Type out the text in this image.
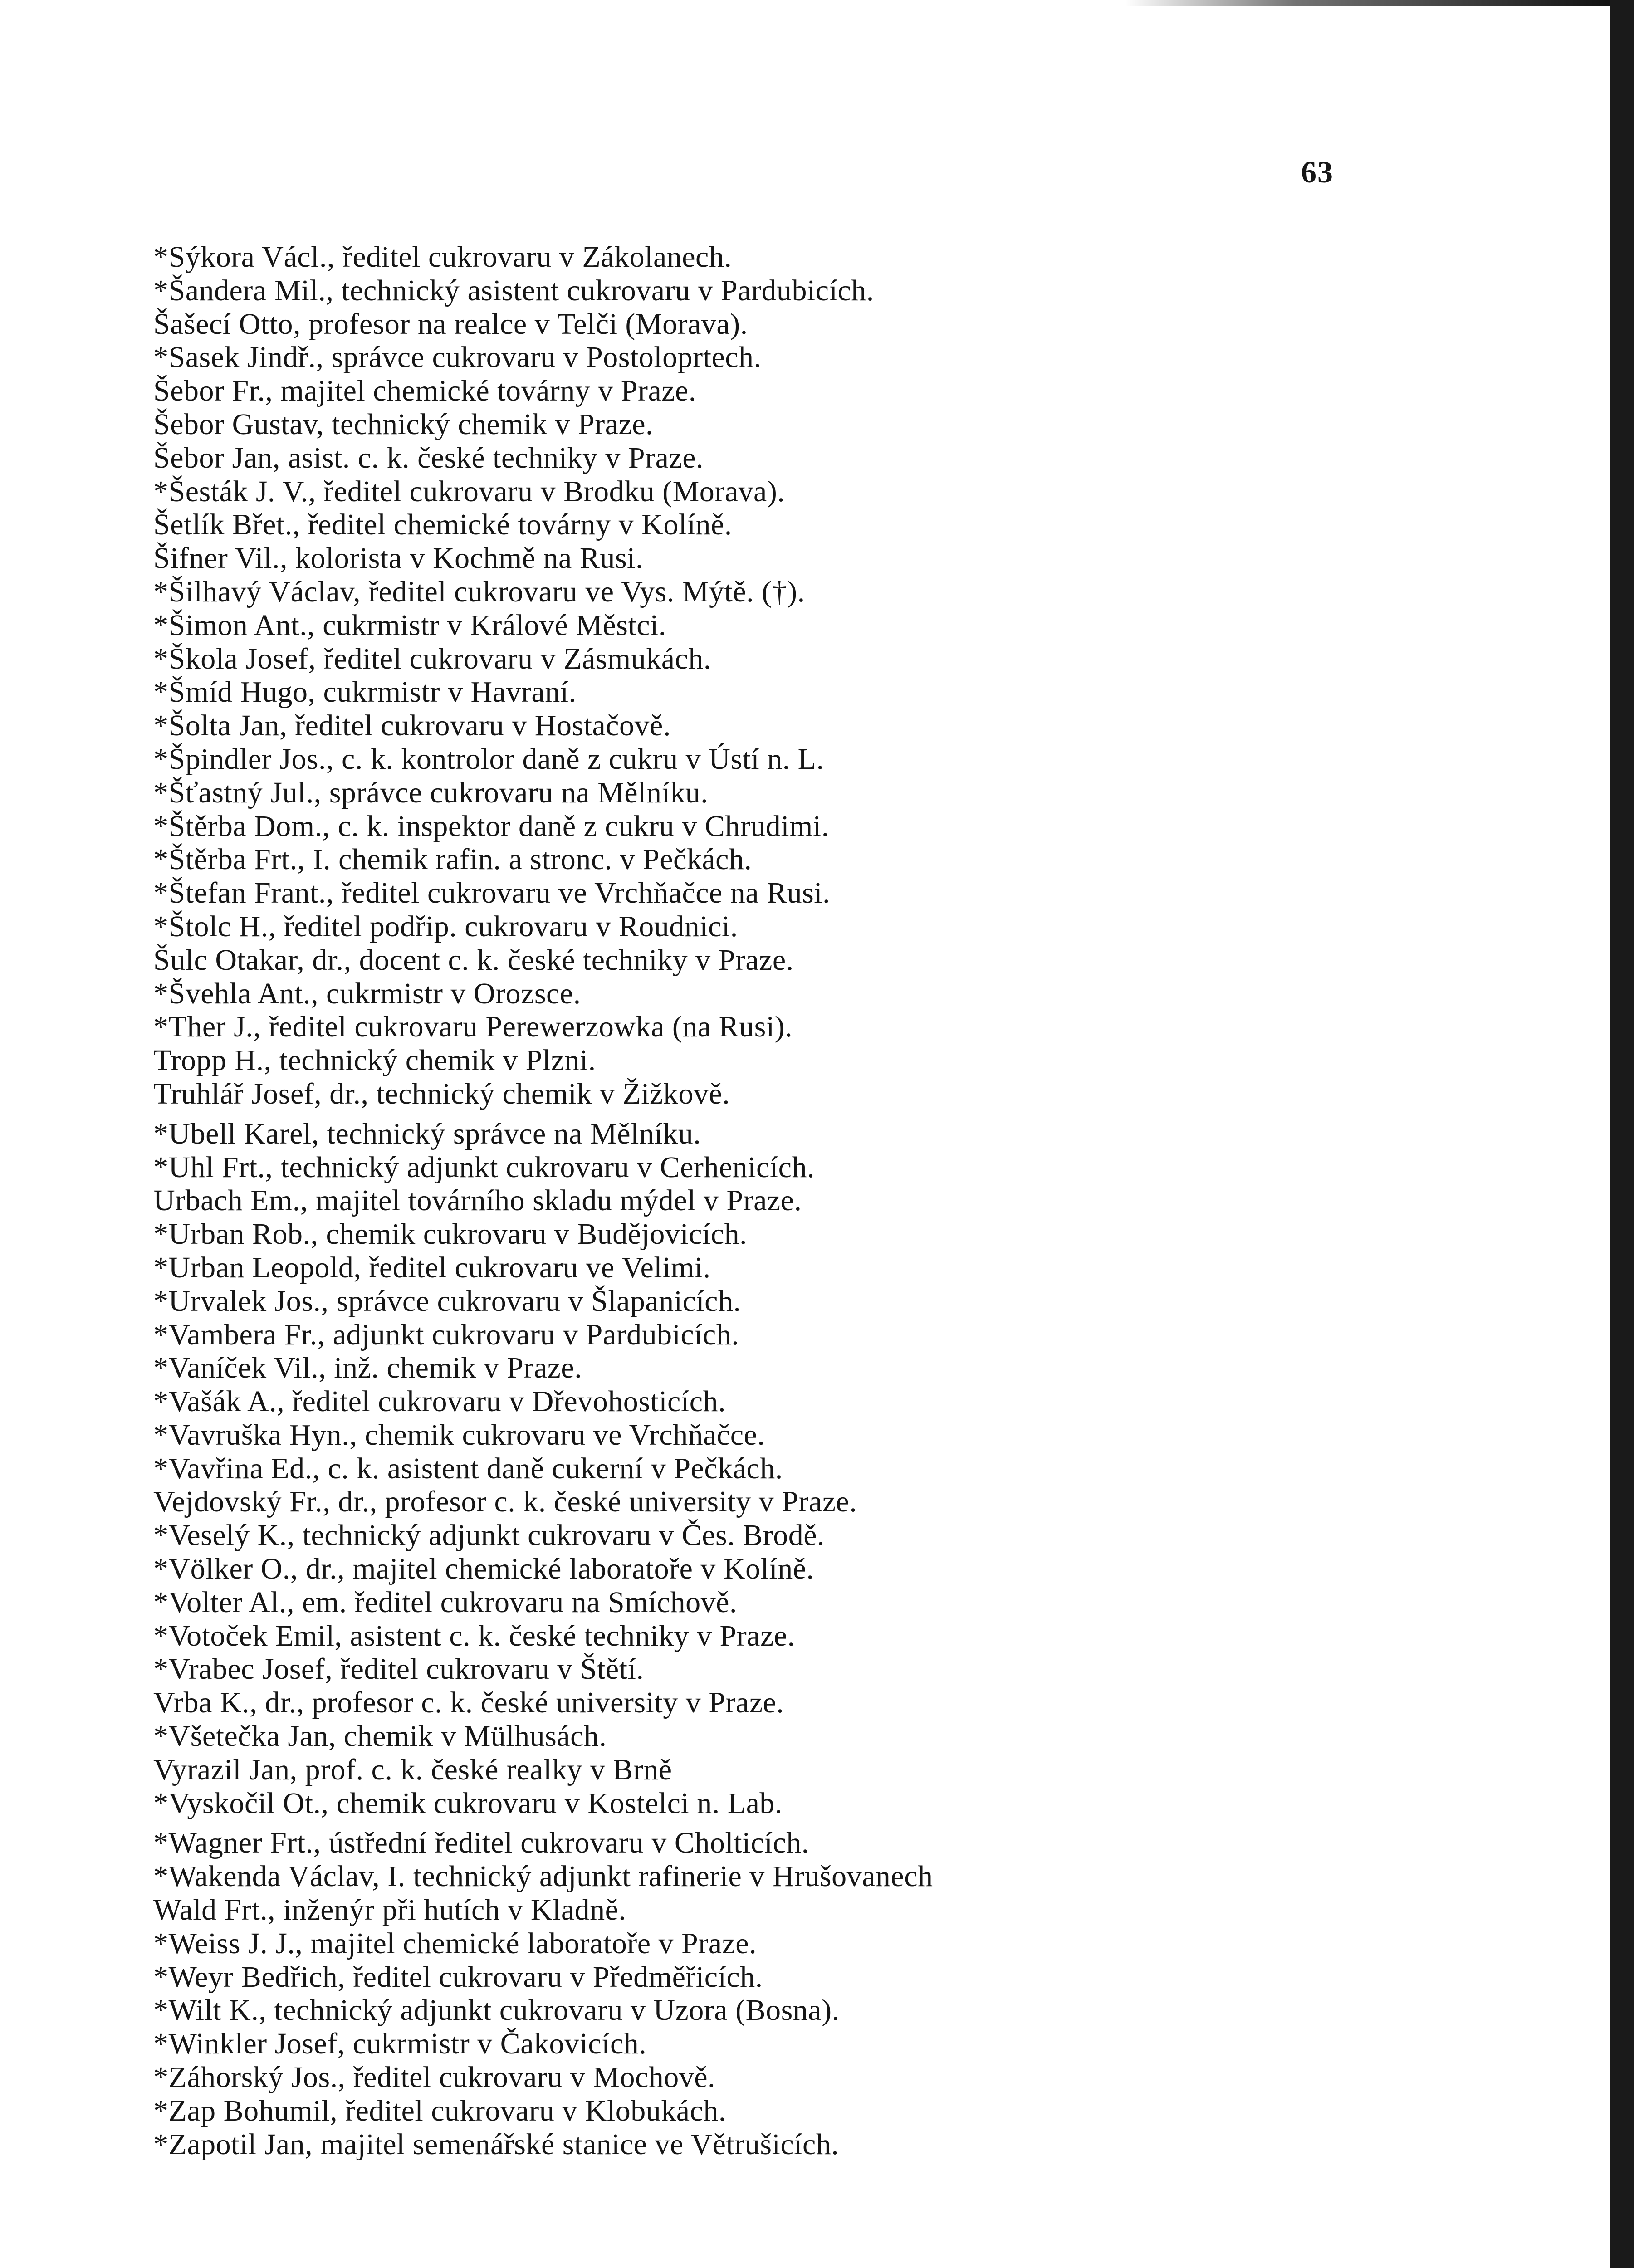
63
*Sýkora Václ., ředitel cukrovaru v Zákolanech.
*Šandera Mil., technický asistent cukrovaru v Pardubicích.
Šašecí Otto, profesor na realce v Telči (Morava).
*Sasek Jindř., správce cukrovaru v Postoloprtech.
Šebor Fr., majitel chemické továrny v Praze.
Šebor Gustav, technický chemik v Praze.
Šebor Jan, asist. c. k. české techniky v Praze.
*Šesták J. V., ředitel cukrovaru v Brodku (Morava).
Šetlík Břet., ředitel chemické továrny v Kolíně.
Šifner Vil., kolorista v Kochmě na Rusi.
*Šilhavý Václav, ředitel cukrovaru ve Vys. Mýtě. (†).
*Šimon Ant., cukrmistr v Králové Městci.
*Škola Josef, ředitel cukrovaru v Zásmukách.
*Šmíd Hugo, cukrmistr v Havraní.
*Šolta Jan, ředitel cukrovaru v Hostačově.
*Špindler Jos., c. k. kontrolor daně z cukru v Ústí n. L.
*Šťastný Jul., správce cukrovaru na Mělníku.
*Štěrba Dom., c. k. inspektor daně z cukru v Chrudimi.
*Štěrba Frt., I. chemik rafin. a stronc. v Pečkách.
*Štefan Frant., ředitel cukrovaru ve Vrchňačce na Rusi.
*Štolc H., ředitel podřip. cukrovaru v Roudnici.
Šulc Otakar, dr., docent c. k. české techniky v Praze.
*Švehla Ant., cukrmistr v Orozsce.
*Ther J., ředitel cukrovaru Perewerzowka (na Rusi).
Tropp H., technický chemik v Plzni.
Truhlář Josef, dr., technický chemik v Žižkově.
*Ubell Karel, technický správce na Mělníku.
*Uhl Frt., technický adjunkt cukrovaru v Cerhenicích.
Urbach Em., majitel továrního skladu mýdel v Praze.
*Urban Rob., chemik cukrovaru v Budějovicích.
*Urban Leopold, ředitel cukrovaru ve Velimi.
*Urvalek Jos., správce cukrovaru v Šlapanicích.
*Vambera Fr., adjunkt cukrovaru v Pardubicích.
*Vaníček Vil., inž. chemik v Praze.
*Vašák A., ředitel cukrovaru v Dřevohosticích.
*Vavruška Hyn., chemik cukrovaru ve Vrchňačce.
*Vavřina Ed., c. k. asistent daně cukerní v Pečkách.
Vejdovský Fr., dr., profesor c. k. české university v Praze.
*Veselý K., technický adjunkt cukrovaru v Čes. Brodě.
*Völker O., dr., majitel chemické laboratoře v Kolíně.
*Volter Al., em. ředitel cukrovaru na Smíchově.
*Votoček Emil, asistent c. k. české techniky v Praze.
*Vrabec Josef, ředitel cukrovaru v Štětí.
Vrba K., dr., profesor c. k. české university v Praze.
*Všetečka Jan, chemik v Mülhusách.
Vyrazil Jan, prof. c. k. české realky v Brně
*Vyskočil Ot., chemik cukrovaru v Kostelci n. Lab.
*Wagner Frt., ústřední ředitel cukrovaru v Cholticích.
*Wakenda Václav, I. technický adjunkt rafinerie v Hrušovanech
Wald Frt., inženýr při hutích v Kladně.
*Weiss J. J., majitel chemické laboratoře v Praze.
*Weyr Bedřich, ředitel cukrovaru v Předměřicích.
*Wilt K., technický adjunkt cukrovaru v Uzora (Bosna).
*Winkler Josef, cukrmistr v Čakovicích.
*Záhorský Jos., ředitel cukrovaru v Mochově.
*Zap Bohumil, ředitel cukrovaru v Klobukách.
*Zapotil Jan, majitel semenářské stanice ve Větrušicích.
